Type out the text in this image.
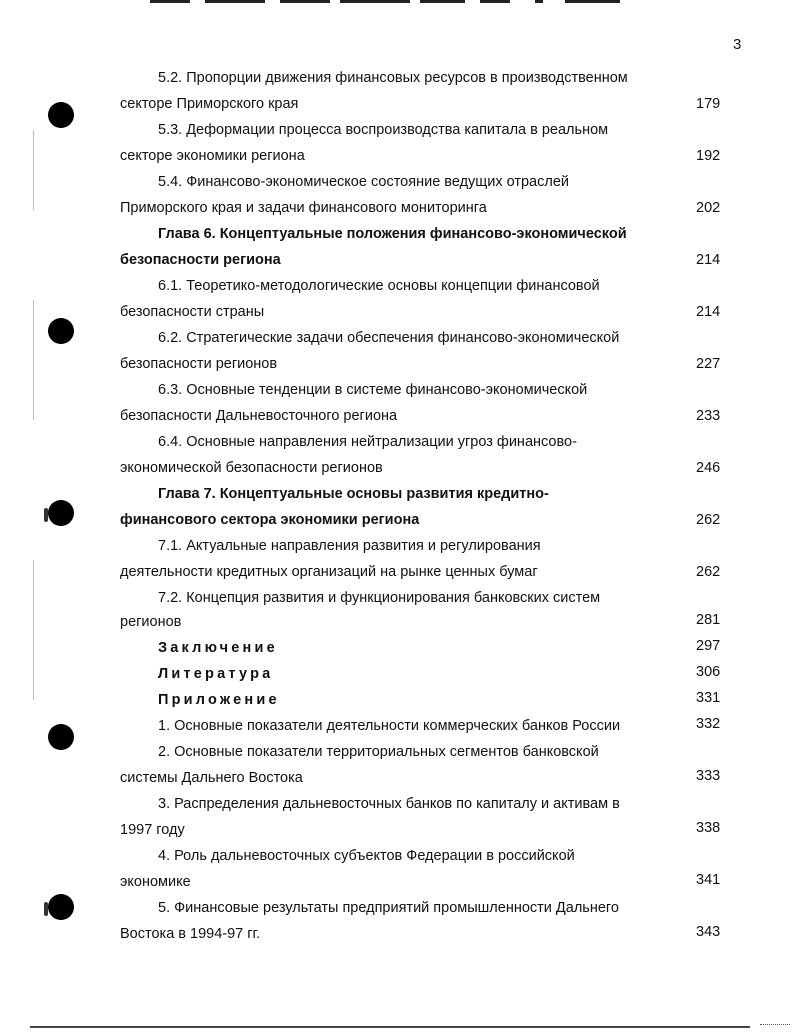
3
5.2. Пропорции движения финансовых ресурсов в производственном
секторе Приморского края	179
5.3. Деформации процесса воспроизводства капитала в реальном
секторе экономики региона	192
5.4. Финансово-экономическое состояние ведущих отраслей
Приморского края и задачи финансового мониторинга	202
Глава 6. Концептуальные положения финансово-экономической
безопасности региона	214
6.1. Теоретико-методологические основы концепции финансовой
безопасности страны	214
6.2. Стратегические задачи обеспечения финансово-экономической
безопасности регионов	227
6.3. Основные тенденции в системе финансово-экономической
безопасности Дальневосточного региона	233
6.4. Основные направления нейтрализации угроз финансово-
экономической безопасности регионов	246
Глава 7. Концептуальные основы развития кредитно-
финансового сектора экономики региона	262
7.1. Актуальные направления развития и регулирования
деятельности кредитных организаций на рынке ценных бумаг	262
7.2. Концепция развития и функционирования банковских систем
регионов	281
Заключение	297
Литература	306
Приложение	331
1. Основные показатели деятельности коммерческих банков России	332
2. Основные показатели территориальных сегментов банковской
системы Дальнего Востока	333
3. Распределения дальневосточных банков по капиталу и активам в
1997 году	338
4. Роль дальневосточных субъектов Федерации в российской
экономике	341
5. Финансовые результаты предприятий промышленности Дальнего
Востока в 1994-97 гг.	343
